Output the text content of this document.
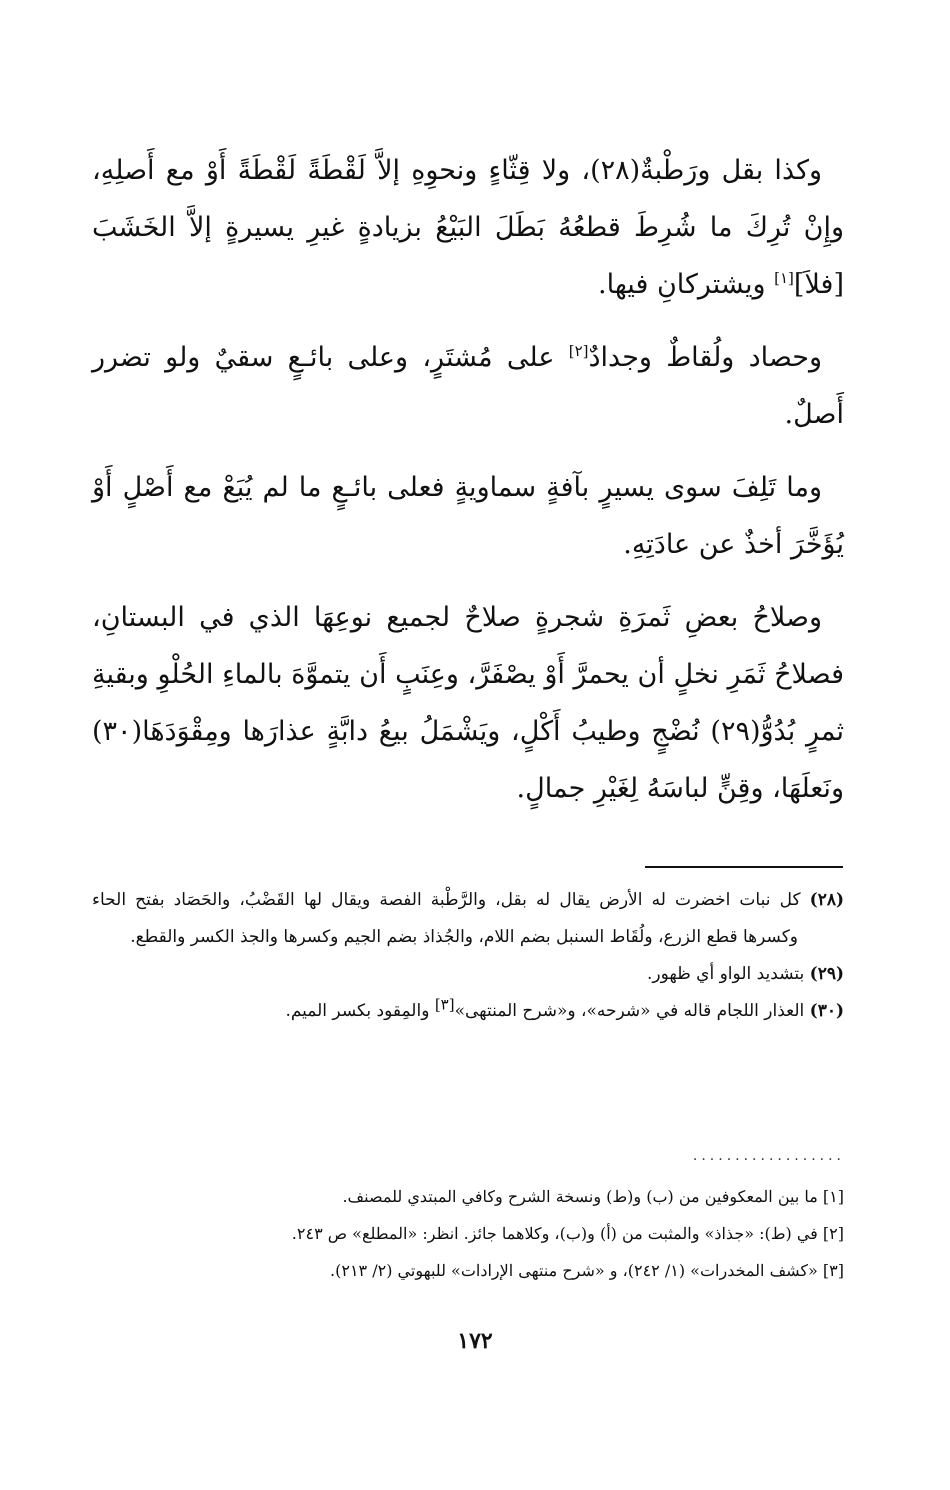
وكذا بقل ورَطْبةٌ(٢٨)، ولا قِثّاءٍ ونحوِهِ إلاَّ لَقْطَةً لَقْطَةً أَوْ مع أَصلِهِ، وإِنْ تُرِكَ ما شُرِطَ قطعُهُ بَطَلَ البَيْعُ بزيادةٍ غيرِ يسيرةٍ إلاَّ الخَشَبَ [فلاَ][١] ويشتركانِ فيها.

وحصاد ولُقاطٌ وجدادٌ[٢] على مُشتَرٍ، وعلى بائـعٍ سقيٌ ولو تضرر أَصلٌ.

وما تَلِفَ سوى يسيرٍ بآفةٍ سماويةٍ فعلى بائـعٍ ما لم يُبَعْ مع أَصْلٍ أَوْ يُؤَخَّرَ أخذٌ عن عادَتِهِ.

وصلاحُ بعضِ ثَمرَةِ شجرةٍ صلاحٌ لجميع نوعِهَا الذي في البستانِ، فصلاحُ ثَمَرِ نخلٍ أن يحمرَّ أَوْ يصْفَرَّ، وعِنَبٍ أَن يتموَّهَ بالماءِ الحُلْوِ وبقيةِ ثمرٍ بُدُوُّ(٢٩) نُضْجٍ وطيبُ أَكْلٍ، ويَشْمَلُ بيعُ دابَّةٍ عذارَها ومِقْوَدَهَا(٣٠) ونَعلَهَا، وقِنٍّ لباسَهُ لِغَيْرِ جمالٍ.

(٢٨) كل نبات اخضرت له الأرض يقال له بقل، والرَّطْبة الفصة ويقال لها القَضْبُ، والحَصَاد بفتح الحاء وكسرها قطع الزرع، ولُقَاط السنبل بضم اللام، والجُذاذ بضم الجيم وكسرها والجذ الكسر والقطع.

(٢٩) بتشديد الواو أي ظهور.

(٣٠) العذار اللجام قاله في «شرحه»، و«شرح المنتهى»[٣] والمِقود بكسر الميم.

..................

[١] ما بين المعكوفين من (ب) و(ط) ونسخة الشرح وكافي المبتدي للمصنف.

[٢] في (ط): «جذاذ» والمثبت من (أ) و(ب)، وكلاهما جائز. انظر: «المطلع» ص ٢٤٣.

[٣] «كشف المخدرات» (١/ ٢٤٢)، و «شرح منتهى الإرادات» للبهوتي (٢/ ٢١٣).

١٧٢
